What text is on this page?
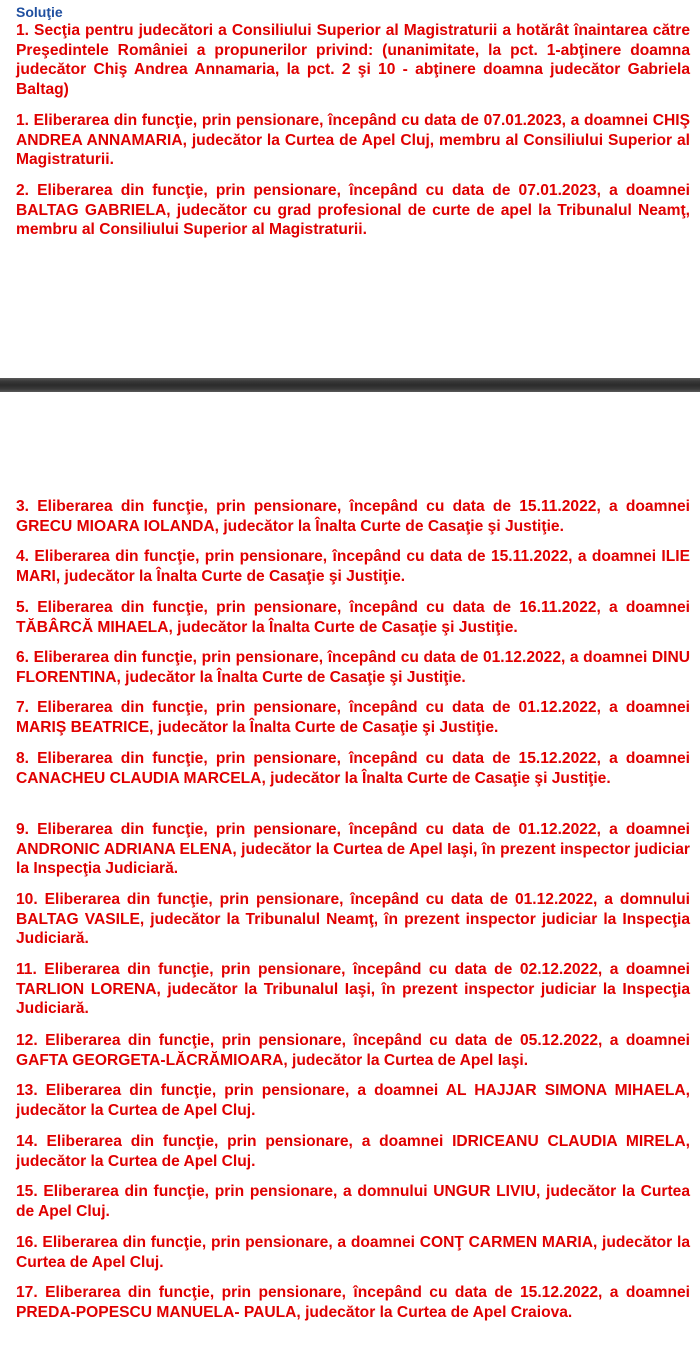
Soluţie

1. Secţia pentru judecători a Consiliului Superior al Magistraturii a hotărât înaintarea către Preşedintele României a propunerilor privind: (unanimitate, la pct. 1-abţinere doamna judecător Chiş Andrea Annamaria, la pct. 2 şi 10 - abţinere doamna judecător Gabriela Baltag)

1. Eliberarea din funcţie, prin pensionare, începând cu data de 07.01.2023, a doamnei CHIŞ ANDREA ANNAMARIA, judecător la Curtea de Apel Cluj, membru al Consiliului Superior al Magistraturii.

2. Eliberarea din funcţie, prin pensionare, începând cu data de 07.01.2023, a doamnei BALTAG GABRIELA, judecător cu grad profesional de curte de apel la Tribunalul Neamţ, membru al Consiliului Superior al Magistraturii.

3. Eliberarea din funcţie, prin pensionare, începând cu data de 15.11.2022, a doamnei GRECU MIOARA IOLANDA, judecător la Înalta Curte de Casaţie şi Justiţie.

4. Eliberarea din funcţie, prin pensionare, începând cu data de 15.11.2022, a doamnei ILIE MARI, judecător la Înalta Curte de Casaţie şi Justiţie.

5. Eliberarea din funcţie, prin pensionare, începând cu data de 16.11.2022, a doamnei TĂBÂRCĂ MIHAELA, judecător la Înalta Curte de Casaţie şi Justiţie.

6. Eliberarea din funcţie, prin pensionare, începând cu data de 01.12.2022, a doamnei DINU FLORENTINA, judecător la Înalta Curte de Casaţie şi Justiţie.

7. Eliberarea din funcţie, prin pensionare, începând cu data de 01.12.2022, a doamnei MARIŞ BEATRICE, judecător la Înalta Curte de Casaţie şi Justiţie.

8. Eliberarea din funcţie, prin pensionare, începând cu data de 15.12.2022, a doamnei CANACHEU CLAUDIA MARCELA, judecător la Înalta Curte de Casaţie şi Justiţie.

9. Eliberarea din funcţie, prin pensionare, începând cu data de 01.12.2022, a doamnei ANDRONIC ADRIANA ELENA, judecător la Curtea de Apel Iaşi, în prezent inspector judiciar la Inspecţia Judiciară.

10. Eliberarea din funcţie, prin pensionare, începând cu data de 01.12.2022, a domnului BALTAG VASILE, judecător la Tribunalul Neamţ, în prezent inspector judiciar la Inspecţia Judiciară.

11. Eliberarea din funcţie, prin pensionare, începând cu data de 02.12.2022, a doamnei TARLION LORENA, judecător la Tribunalul Iaşi, în prezent inspector judiciar la Inspecţia Judiciară.

12. Eliberarea din funcţie, prin pensionare, începând cu data de 05.12.2022, a doamnei GAFTA GEORGETA-LĂCRĂMIOARA, judecător la Curtea de Apel Iaşi.

13. Eliberarea din funcţie, prin pensionare, a doamnei AL HAJJAR SIMONA MIHAELA, judecător la Curtea de Apel Cluj.

14. Eliberarea din funcţie, prin pensionare, a doamnei IDRICEANU CLAUDIA MIRELA, judecător la Curtea de Apel Cluj.

15. Eliberarea din funcţie, prin pensionare, a domnului UNGUR LIVIU, judecător la Curtea de Apel Cluj.

16. Eliberarea din funcţie, prin pensionare, a doamnei CONŢ CARMEN MARIA, judecător la Curtea de Apel Cluj.

17. Eliberarea din funcţie, prin pensionare, începând cu data de 15.12.2022, a doamnei PREDA-POPESCU MANUELA- PAULA, judecător la Curtea de Apel Craiova.
